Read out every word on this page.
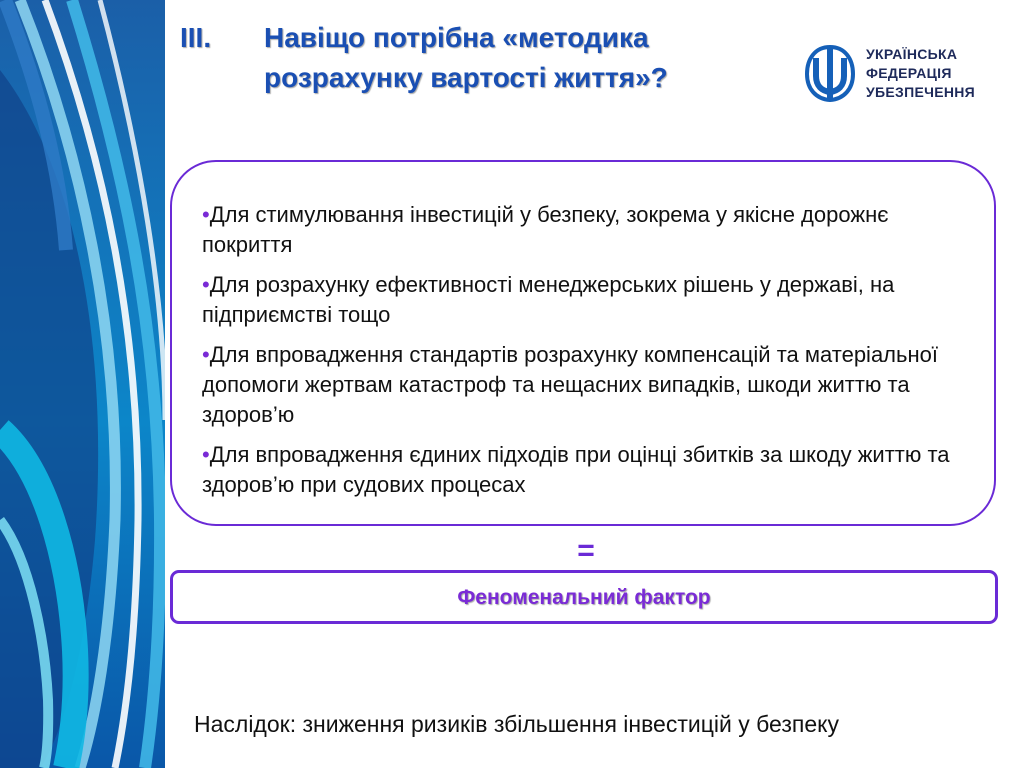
III. Навіщо потрібна «методика
розрахунку вартості життя»?
УКРАЇНСЬКА
ФЕДЕРАЦІЯ
УБЕЗПЕЧЕННЯ
•Для стимулювання інвестицій у безпеку, зокрема у якісне дорожнє покриття
•Для розрахунку ефективності менеджерських рішень у державі, на підприємстві тощо
•Для впровадження стандартів розрахунку компенсацій та матеріальної допомоги жертвам катастроф та нещасних випадків, шкоди життю та здоров’ю
•Для впровадження єдиних підходів при оцінці збитків за шкоду життю та здоров’ю при судових процесах
=
Феноменальний фактор
Наслідок: зниження ризиків збільшення інвестицій у безпеку
